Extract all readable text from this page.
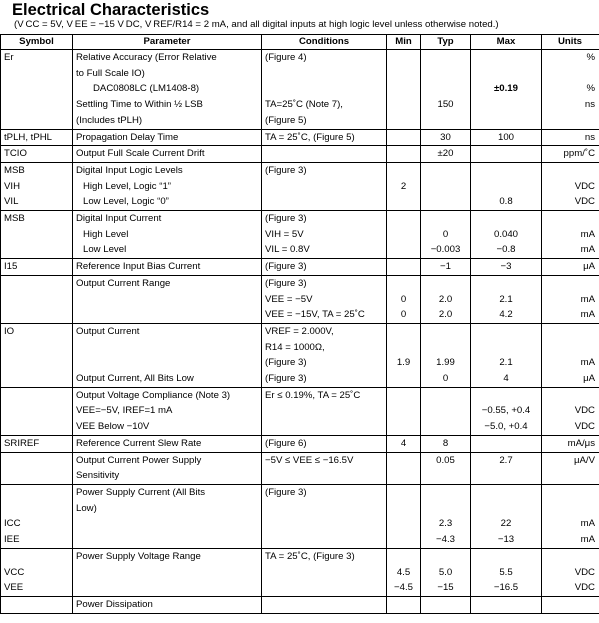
Electrical Characteristics
(V CC = 5V, V EE = −15 V DC, V REF/R14 = 2 mA, and all digital inputs at high logic level unless otherwise noted.)
Symbol	Parameter	Conditions	Min	Typ	Max	Units
Er	Relative Accuracy (Error Relative	(Figure 4)				%
	to Full Scale IO)					
	DAC0808LC (LM1408-8)				±0.19	%
	Settling Time to Within ½ LSB	TA=25˚C (Note 7),		150		ns
	(Includes tPLH)	(Figure 5)				
tPLH, tPHL	Propagation Delay Time	TA = 25˚C, (Figure 5)		30	100	ns
TCIO	Output Full Scale Current Drift			±20		ppm/˚C
MSB	Digital Input Logic Levels	(Figure 3)				
VIH	High Level, Logic “1”		2			VDC
VIL	Low Level, Logic “0”				0.8	VDC
MSB	Digital Input Current	(Figure 3)				
	High Level	VIH = 5V		0	0.040	mA
	Low Level	VIL = 0.8V		−0.003	−0.8	mA
I15	Reference Input Bias Current	(Figure 3)		−1	−3	μA
	Output Current Range	(Figure 3)				
		VEE = −5V	0	2.0	2.1	mA
		VEE = −15V, TA = 25˚C	0	2.0	4.2	mA
IO	Output Current	VREF = 2.000V,				
		R14 = 1000Ω,				
		(Figure 3)	1.9	1.99	2.1	mA
	Output Current, All Bits Low	(Figure 3)		0	4	μA
	Output Voltage Compliance (Note 3)	Er ≤ 0.19%, TA = 25˚C				
	VEE=−5V, IREF=1 mA				−0.55, +0.4	VDC
	VEE Below −10V				−5.0, +0.4	VDC
SRIREF	Reference Current Slew Rate	(Figure 6)	4	8		mA/μs
	Output Current Power Supply	−5V ≤ VEE ≤ −16.5V		0.05	2.7	μA/V
	Sensitivity					
	Power Supply Current (All Bits	(Figure 3)				
	Low)					
ICC				2.3	22	mA
IEE				−4.3	−13	mA
	Power Supply Voltage Range	TA = 25˚C, (Figure 3)				
VCC			4.5	5.0	5.5	VDC
VEE			−4.5	−15	−16.5	VDC
	Power Dissipation					
